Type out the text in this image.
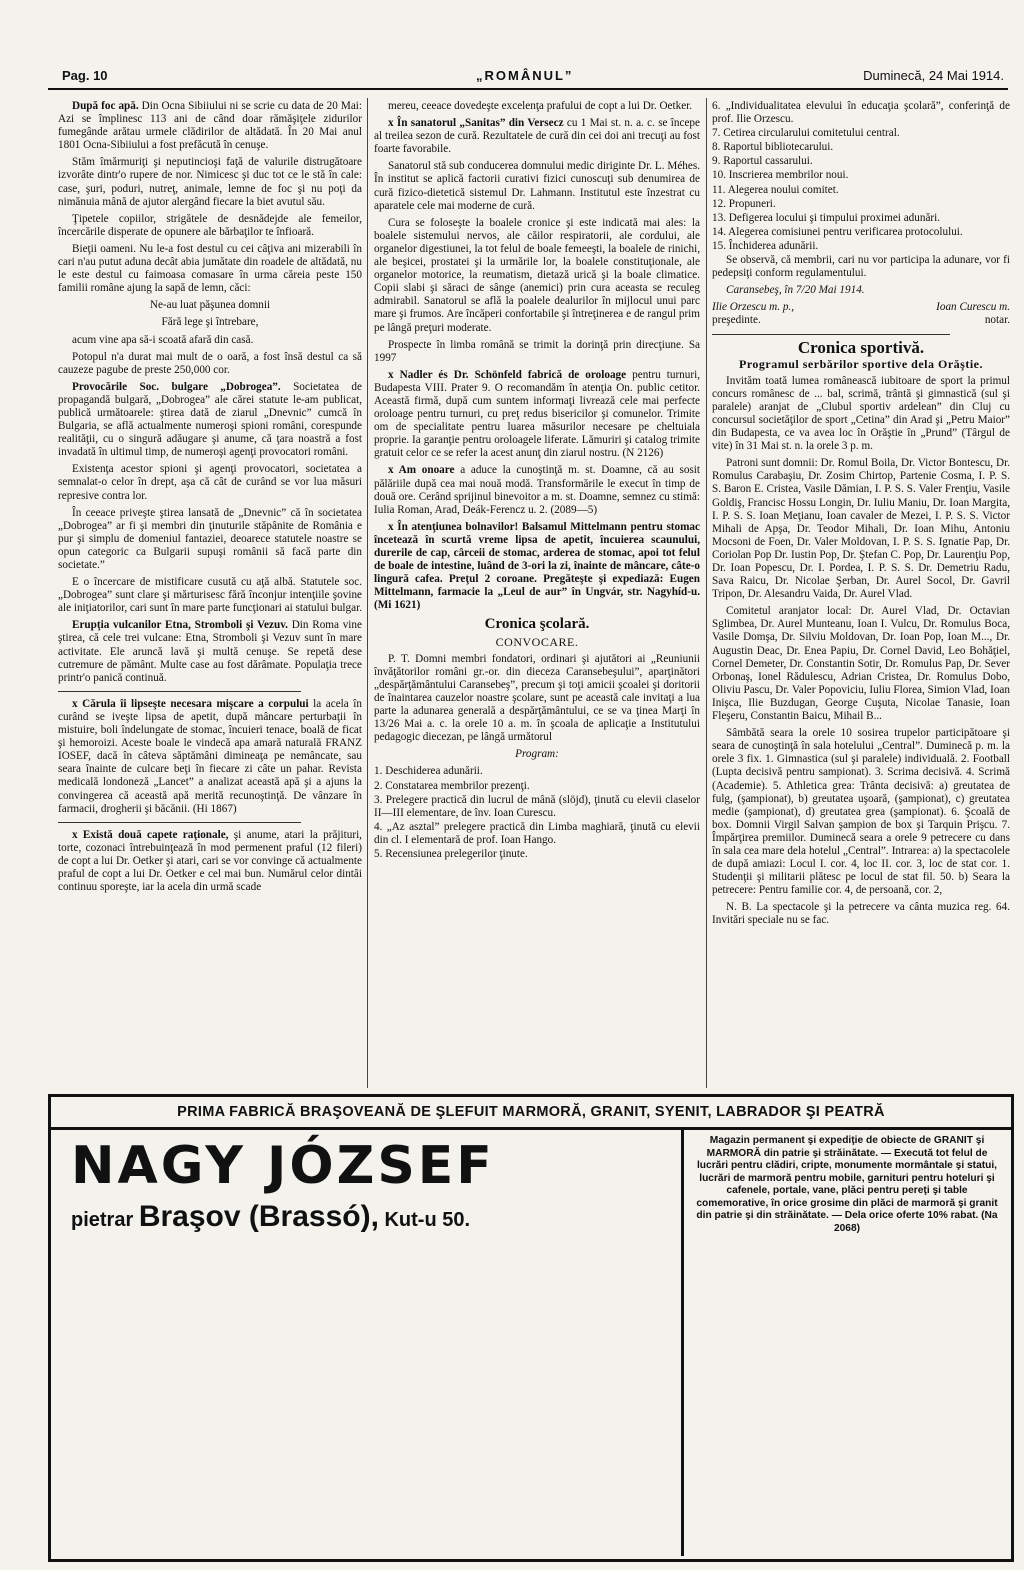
Pag. 10	„ROMÂNUL”	Duminecă, 24 Mai 1914.

După foc apă. Din Ocna Sibiiului ni se scrie cu data de 20 Mai: Azi se împlinesc 113 ani de când doar rămăşiţele zidurilor fumegânde arătau urmele clădirilor de altădată. În 20 Mai anul 1801 Ocna-Sibiiului a fost prefăcută în cenuşe.

Stăm îmărmuriţi şi neputincioşi faţă de valurile distrugătoare izvorâte dintr'o rupere de nor. Nimicesc şi duc tot ce le stă în cale: case, şuri, poduri, nutreţ, animale, lemne de foc şi nu poţi da nimănuia mână de ajutor alergând fiecare la biet avutul său.

Ţipetele copiilor, strigătele de desnădejde ale femeilor, încercările disperate de opunere ale bărbaţilor te înfioară.

Bieţii oameni. Nu le-a fost destul cu cei câţiva ani mizerabili în cari n'au putut aduna decât abia jumătate din roadele de altădată, nu le este destul cu faimoasa comasare în urma căreia peste 150 familii române ajung la sapă de lemn, căci:

Ne-au luat păşunea domnii

Fără lege şi întrebare,

acum vine apa să-i scoată afară din casă.

Potopul n'a durat mai mult de o oară, a fost însă destul ca să cauzeze pagube de preste 250,000 cor.

Provocările Soc. bulgare „Dobrogea”. Societatea de propagandă bulgară, „Dobrogea” ale cărei statute le-am publicat, publică următoarele: ştirea dată de ziarul „Dnevnic” cumcă în Bulgaria, se află actualmente numeroşi spioni români, corespunde realităţii, cu o singură adăugare şi anume, că ţara noastră a fost invadată în ultimul timp, de numeroşi agenţi provocatori români.

Existenţa acestor spioni şi agenţi provocatori, societatea a semnalat-o celor în drept, aşa că cât de curând se vor lua măsuri represive contra lor.

În ceeace priveşte ştirea lansată de „Dnevnic” că în societatea „Dobrogea” ar fi şi membri din ţinuturile stăpânite de România e pur şi simplu de domeniul fantaziei, deoarece statutele noastre se opun categoric ca Bulgarii supuşi românii să facă parte din societate.”

E o încercare de mistificare cusută cu aţă albă. Statutele soc. „Dobrogea” sunt clare şi mărturisesc fără înconjur intenţiile şovine ale iniţiatorilor, cari sunt în mare parte funcţionari ai statului bulgar.

Erupţia vulcanilor Etna, Stromboli şi Vezuv. Din Roma vine ştirea, că cele trei vulcane: Etna, Stromboli şi Vezuv sunt în mare activitate. Ele aruncă lavă şi multă cenuşe. Se repetă dese cutremure de pământ. Multe case au fost dărâmate. Populaţia trece printr'o panică continuă.

x Cărula îi lipseşte necesara mişcare a corpului la acela în curând se iveşte lipsa de apetit, după mâncare perturbaţii în mistuire, boli îndelungate de stomac, încuieri tenace, boală de ficat şi hemoroizi. Aceste boale le vindecă apa amară naturală FRANZ IOSEF, dacă în câteva săptămâni dimineaţa pe nemâncate, sau seara înainte de culcare beţi în fiecare zi câte un pahar. Revista medicală londoneză „Lancet” a analizat această apă şi a ajuns la convingerea că această apă merită recunoştinţă. De vânzare în farmacii, drogherii şi băcănii. (Hi 1867)

x Există două capete raţionale, şi anume, atari la prăjituri, torte, cozonaci întrebuinţează în mod permenent praful (12 fileri) de copt a lui Dr. Oetker şi atari, cari se vor convinge că actualmente praful de copt a lui Dr. Oetker e cel mai bun. Numărul celor dintâi continuu sporeşte, iar la acela din urmă scade

mereu, ceeace dovedeşte excelenţa prafului de copt a lui Dr. Oetker.

x În sanatorul „Sanitas” din Versecz cu 1 Mai st. n. a. c. se începe al treilea sezon de cură. Rezultatele de cură din cei doi ani trecuţi au fost foarte favorabile.

Sanatorul stă sub conducerea domnului medic diriginte Dr. L. Méhes. În institut se aplică factorii curativi fizici cunoscuţi sub denumirea de cură fizico-dietetică sistemul Dr. Lahmann. Institutul este înzestrat cu aparatele cele mai moderne de cură.

Cura se foloseşte la boalele cronice şi este indicată mai ales: la boalele sistemului nervos, ale căilor respiratorii, ale cordului, ale organelor digestiunei, la tot felul de boale femeeşti, la boalele de rinichi, ale beşicei, prostatei şi la urmările lor, la boalele constituţionale, ale organelor motorice, la reumatism, dietază urică şi la boale climatice. Copii slabi şi săraci de sânge (anemici) prin cura aceasta se reculeg admirabil. Sanatorul se află la poalele dealurilor în mijlocul unui parc mare şi frumos. Are încăperi confortabile şi întreţinerea e de rangul prim pe lângă preţuri moderate.

Prospecte în limba română se trimit la dorinţă prin direcţiune. Sa 1997

x Nadler és Dr. Schönfeld fabrică de oroloage pentru turnuri, Budapesta VIII. Prater 9. O recomandăm în atenţia On. public cetitor. Această firmă, după cum suntem informaţi livrează cele mai perfecte oroloage pentru turnuri, cu preţ redus bisericilor şi comunelor. Trimite om de specialitate pentru luarea măsurilor necesare pe cheltuiala proprie. Ia garanţie pentru oroloagele liferate. Lămuriri şi catalog trimite gratuit celor ce se refer la acest anunţ din ziarul nostru. (N 2126)

x Am onoare a aduce la cunoştinţă m. st. Doamne, că au sosit pălăriile după cea mai nouă modă. Transformările le execut în timp de două ore. Cerând sprijinul binevoitor a m. st. Doamne, semnez cu stimă: Iulia Roman, Arad, Deák-Ferencz u. 2. (2089—5)

x În atenţiunea bolnavilor! Balsamul Mittelmann pentru stomac încetează în scurtă vreme lipsa de apetit, încuierea scaunului, durerile de cap, cârceii de stomac, arderea de stomac, apoi tot felul de boale de intestine, luând de 3-ori la zi, înainte de mâncare, câte-o lingură cafea. Preţul 2 coroane. Pregăteşte şi expediază: Eugen Mittelmann, farmacie la „Leul de aur” în Ungvár, str. Nagyhíd-u. (Mi 1621)

Cronica şcolară.
CONVOCARE.

P. T. Domni membri fondatori, ordinari şi ajutători ai „Reuniunii învăţătorilor români gr.-or. din dieceza Caransebeşului”, aparţinători „despărţământului Caransebeş”, precum şi toţi amicii şcoalei şi doritorii de înaintarea cauzelor noastre şcolare, sunt pe această cale invitaţi a lua parte la adunarea generală a despărţământului, ce se va ţinea Marţi în 13/26 Mai a. c. la orele 10 a. m. în şcoala de aplicaţie a Institutului pedagogic diecezan, pe lângă următorul

Program:

1. Deschiderea adunării.

2. Constatarea membrilor prezenţi.

3. Prelegere practică din lucrul de mână (slöjd), ţinută cu elevii claselor II—III elementare, de înv. Ioan Curescu.

4. „Az asztal” prelegere practică din Limba maghiară, ţinută cu elevii din cl. I elementară de prof. Ioan Hango.

5. Recensiunea prelegerilor ţinute.

6. „Individualitatea elevului în educaţia şcolară”, conferinţă de prof. Ilie Orzescu.

7. Cetirea circularului comitetului central.

8. Raportul bibliotecarului.

9. Raportul cassarului.

10. Inscrierea membrilor noui.

11. Alegerea noului comitet.

12. Propuneri.

13. Defigerea locului şi timpului proximei adunări.

14. Alegerea comisiunei pentru verificarea protocolului.

15. Închiderea adunării.

Se observă, că membrii, cari nu vor participa la adunare, vor fi pedepsiţi conform regulamentului.

Caransebeş, în 7/20 Mai 1914.

Ilie Orzescu m. p.,
preşedinte.
Ioan Curescu m.
notar.
Cronica sportivă.
Programul serbărilor sportive dela Orăştie.

Invităm toată lumea românească iubitoare de sport la primul concurs românesc de ... bal, scrimă, trântă şi gimnastică (sul şi paralele) aranjat de „Clubul sportiv ardelean” din Cluj cu concursul societăţilor de sport „Cetina” din Arad şi „Petru Maior” din Budapesta, ce va avea loc în Orăştie în „Prund” (Târgul de vite) în 31 Mai st. n. la orele 3 p. m.

Patroni sunt domnii: Dr. Romul Boila, Dr. Victor Bontescu, Dr. Romulus Carabaşiu, Dr. Zosim Chirtop, Partenie Cosma, I. P. S. S. Baron E. Cristea, Vasile Dămian, I. P. S. S. Valer Frenţiu, Vasile Goldiş, Francisc Hossu Longin, Dr. Iuliu Maniu, Dr. Ioan Margita, I. P. S. S. Ioan Meţianu, Ioan cavaler de Mezei, I. P. S. S. Victor Mihali de Apşa, Dr. Teodor Mihali, Dr. Ioan Mihu, Antoniu Mocsoni de Foen, Dr. Valer Moldovan, I. P. S. S. Ignatie Pap, Dr. Coriolan Pop Dr. Iustin Pop, Dr. Ştefan C. Pop, Dr. Laurenţiu Pop, Dr. Ioan Popescu, Dr. I. Pordea, I. P. S. S. Dr. Demetriu Radu, Sava Raicu, Dr. Nicolae Şerban, Dr. Aurel Socol, Dr. Gavril Tripon, Dr. Alesandru Vaida, Dr. Aurel Vlad.

Comitetul aranjator local: Dr. Aurel Vlad, Dr. Octavian Sglimbea, Dr. Aurel Munteanu, Ioan I. Vulcu, Dr. Romulus Boca, Vasile Domşa, Dr. Silviu Moldovan, Dr. Ioan Pop, Ioan M..., Dr. Augustin Deac, Dr. Enea Papiu, Dr. Cornel David, Leo Bohăţiel, Cornel Demeter, Dr. Constantin Sotir, Dr. Romulus Pap, Dr. Sever Orbonaş, Ionel Rădulescu, Adrian Cristea, Dr. Romulus Dobo, Oliviu Pascu, Dr. Valer Popoviciu, Iuliu Florea, Simion Vlad, Ioan Inişca, Ilie Buzdugan, George Cuşuta, Nicolae Tanasie, Ioan Fleşeru, Constantin Baicu, Mihail B...

Sâmbătă seara la orele 10 sosirea trupelor participătoare şi seara de cunoştinţă în sala hotelului „Central”. Duminecă p. m. la orele 3 fix. 1. Gimnastica (sul şi paralele) individuală. 2. Football (Lupta decisivă pentru sampionat). 3. Scrima decisivă. 4. Scrimă (Academie). 5. Athletica grea: Trânta decisivă: a) greutatea de fulg, (şampionat), b) greutatea uşoară, (şampionat), c) greutatea medie (şampionat), d) greutatea grea (şampionat). 6. Şcoală de box. Domnii Virgil Salvan şampion de box şi Tarquin Prişcu. 7. Împărţirea premiilor. Duminecă seara a orele 9 petrecere cu dans în sala cea mare dela hotelul „Central”. Intrarea: a) la spectacolele de după amiazi: Locul I. cor. 4, loc II. cor. 3, loc de stat cor. 1. Studenţii şi militarii plătesc pe locul de stat fil. 50. b) Seara la petrecere: Pentru familie cor. 4, de persoană, cor. 2,

N. B. La spectacole şi la petrecere va cânta muzica reg. 64. Invitări speciale nu se fac.

PRIMA FABRICĂ BRAŞOVEANĂ DE ŞLEFUIT MARMORĂ, GRANIT, SYENIT, LABRADOR ŞI PEATRĂ
NAGY JÓZSEF
pietrar Braşov (Brassó), Kut-u 50.
Magazin permanent şi expediţie de obiecte de GRANIT şi MARMORĂ din patrie şi străinătate. — Execută tot felul de lucrări pentru clădiri, cripte, monumente mormântale şi statui, lucrări de marmoră pentru mobile, garnituri pentru hoteluri şi cafenele, portale, vane, plăci pentru pereţi şi table comemorative, în orice grosime din plăci de marmoră şi granit din patrie şi din străinătate. — Dela orice oferte 10% rabat. (Na 2068)
